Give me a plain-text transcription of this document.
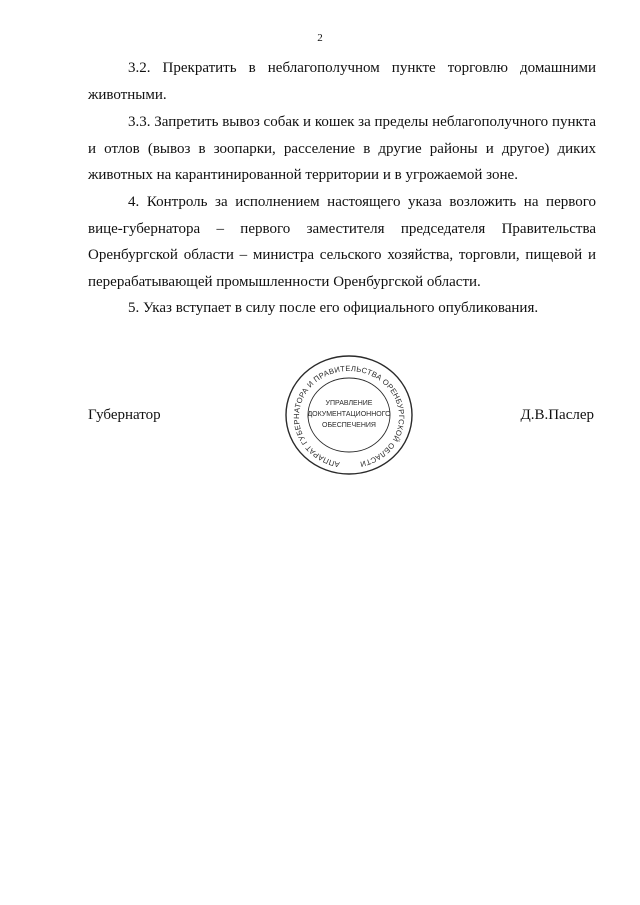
2

3.2. Прекратить в неблагополучном пункте торговлю домашними животными.

3.3. Запретить вывоз собак и кошек за пределы неблагополучного пункта и отлов (вывоз в зоопарки, расселение в другие районы и другое) диких животных на карантинированной территории и в угрожаемой зоне.

4. Контроль за исполнением настоящего указа возложить на первого вице-губернатора – первого заместителя председателя Правительства Оренбургской области – министра сельского хозяйства, торговли, пищевой и перерабатывающей промышленности Оренбургской области.

5. Указ вступает в силу после его официального опубликования.

Губернатор
АППАРАТ ГУБЕРНАТОРА И ПРАВИТЕЛЬСТВА ОРЕНБУРГСКОЙ ОБЛАСТИ
УПРАВЛЕНИЕ
ДОКУМЕНТАЦИОННОГО
ОБЕСПЕЧЕНИЯ
Д.В.Паслер
